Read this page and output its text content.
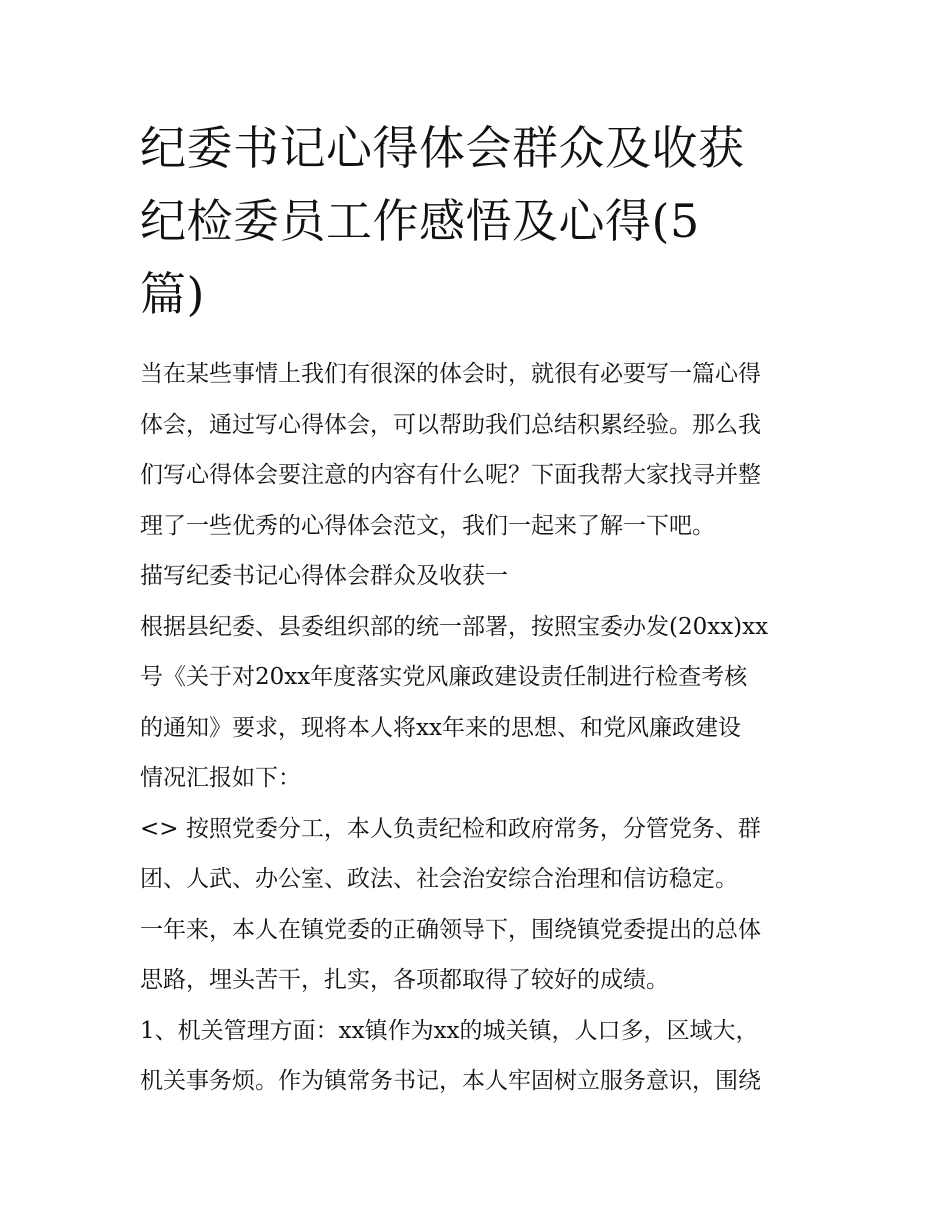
纪委书记心得体会群众及收获
纪检委员工作感悟及心得(5
篇)

当在某些事情上我们有很深的体会时，就很有必要写一篇心得
体会，通过写心得体会，可以帮助我们总结积累经验。那么我
们写心得体会要注意的内容有什么呢？下面我帮大家找寻并整
理了一些优秀的心得体会范文，我们一起来了解一下吧。

描写纪委书记心得体会群众及收获一

根据县纪委、县委组织部的统一部署，按照宝委办发(20xx)xx
号《关于对20xx年度落实党风廉政建设责任制进行检查考核
的通知》要求，现将本人将xx年来的思想、和党风廉政建设
情况汇报如下：

<> 按照党委分工，本人负责纪检和政府常务，分管党务、群
团、人武、办公室、政法、社会治安综合治理和信访稳定。

一年来，本人在镇党委的正确领导下，围绕镇党委提出的总体
思路，埋头苦干，扎实，各项都取得了较好的成绩。

1、机关管理方面：xx镇作为xx的城关镇，人口多，区域大，
机关事务烦。作为镇常务书记，本人牢固树立服务意识，围绕
